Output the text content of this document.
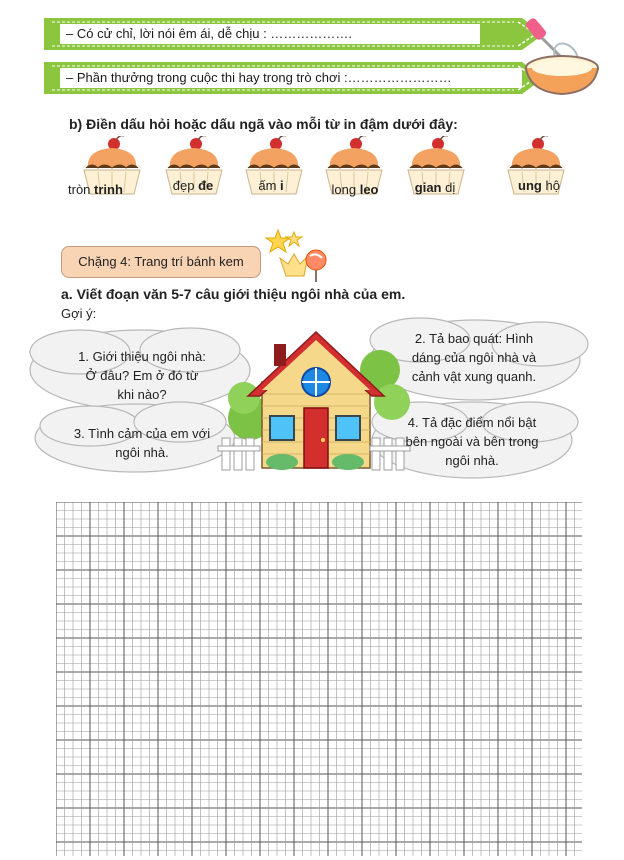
– Có cử chỉ, lời nói êm ái, dễ chịu : ……………….
– Phần thưởng trong cuộc thi hay trong trò chơi :……………………
b) Điền dấu hỏi hoặc dấu ngã vào mỗi từ in đậm dưới đây:
tròn trinh	đẹp đe	ấm i	long leo	gian dị	ung hộ
Chặng 4: Trang trí bánh kem
a. Viết đoạn văn 5-7 câu giới thiệu ngôi nhà của em.
Gợi ý:
1. Giới thiệu ngôi nhà:
Ở đâu? Em ở đó từ
khi nào?
2. Tả bao quát: Hình
dáng của ngôi nhà và
cảnh vật xung quanh.
3. Tình cảm của em với
ngôi nhà.
4. Tả đặc điểm nổi bật
bên ngoài và bên trong
ngôi nhà.
